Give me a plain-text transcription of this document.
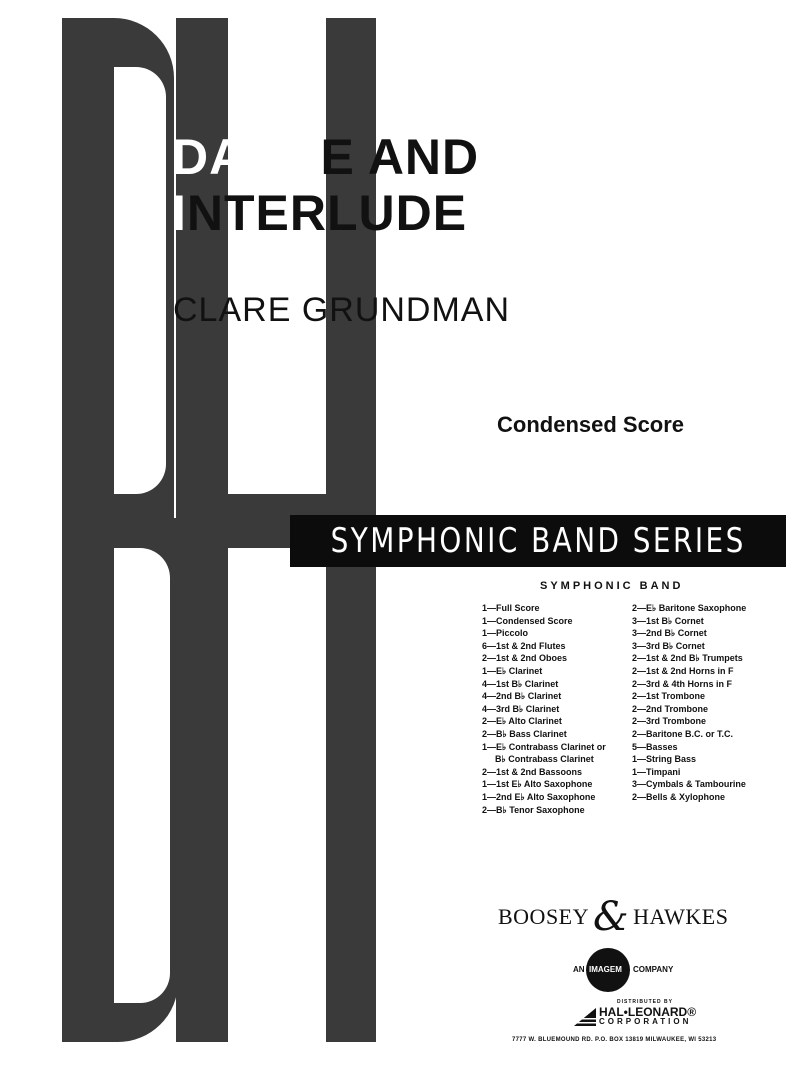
DANCE AND
INTERLUDE
CLARE GRUNDMAN
Condensed Score
SYMPHONIC BAND SERIES
SYMPHONIC BAND
1—Full Score
1—Condensed Score
1—Piccolo
6—1st & 2nd Flutes
2—1st & 2nd Oboes
1—E♭ Clarinet
4—1st B♭ Clarinet
4—2nd B♭ Clarinet
4—3rd B♭ Clarinet
2—E♭ Alto Clarinet
2—B♭ Bass Clarinet
1—E♭ Contrabass Clarinet or
B♭ Contrabass Clarinet
2—1st & 2nd Bassoons
1—1st E♭ Alto Saxophone
1—2nd E♭ Alto Saxophone
2—B♭ Tenor Saxophone
2—E♭ Baritone Saxophone
3—1st B♭ Cornet
3—2nd B♭ Cornet
3—3rd B♭ Cornet
2—1st & 2nd B♭ Trumpets
2—1st & 2nd Horns in F
2—3rd & 4th Horns in F
2—1st Trombone
2—2nd Trombone
2—3rd Trombone
2—Baritone B.C. or T.C.
5—Basses
1—String Bass
1—Timpani
3—Cymbals & Tambourine
2—Bells & Xylophone
BOOSEY & HAWKES
AN IMAGEM COMPANY
DISTRIBUTED BY
HAL•LEONARD®
CORPORATION
7777 W. BLUEMOUND RD. P.O. BOX 13819 MILWAUKEE, WI 53213
